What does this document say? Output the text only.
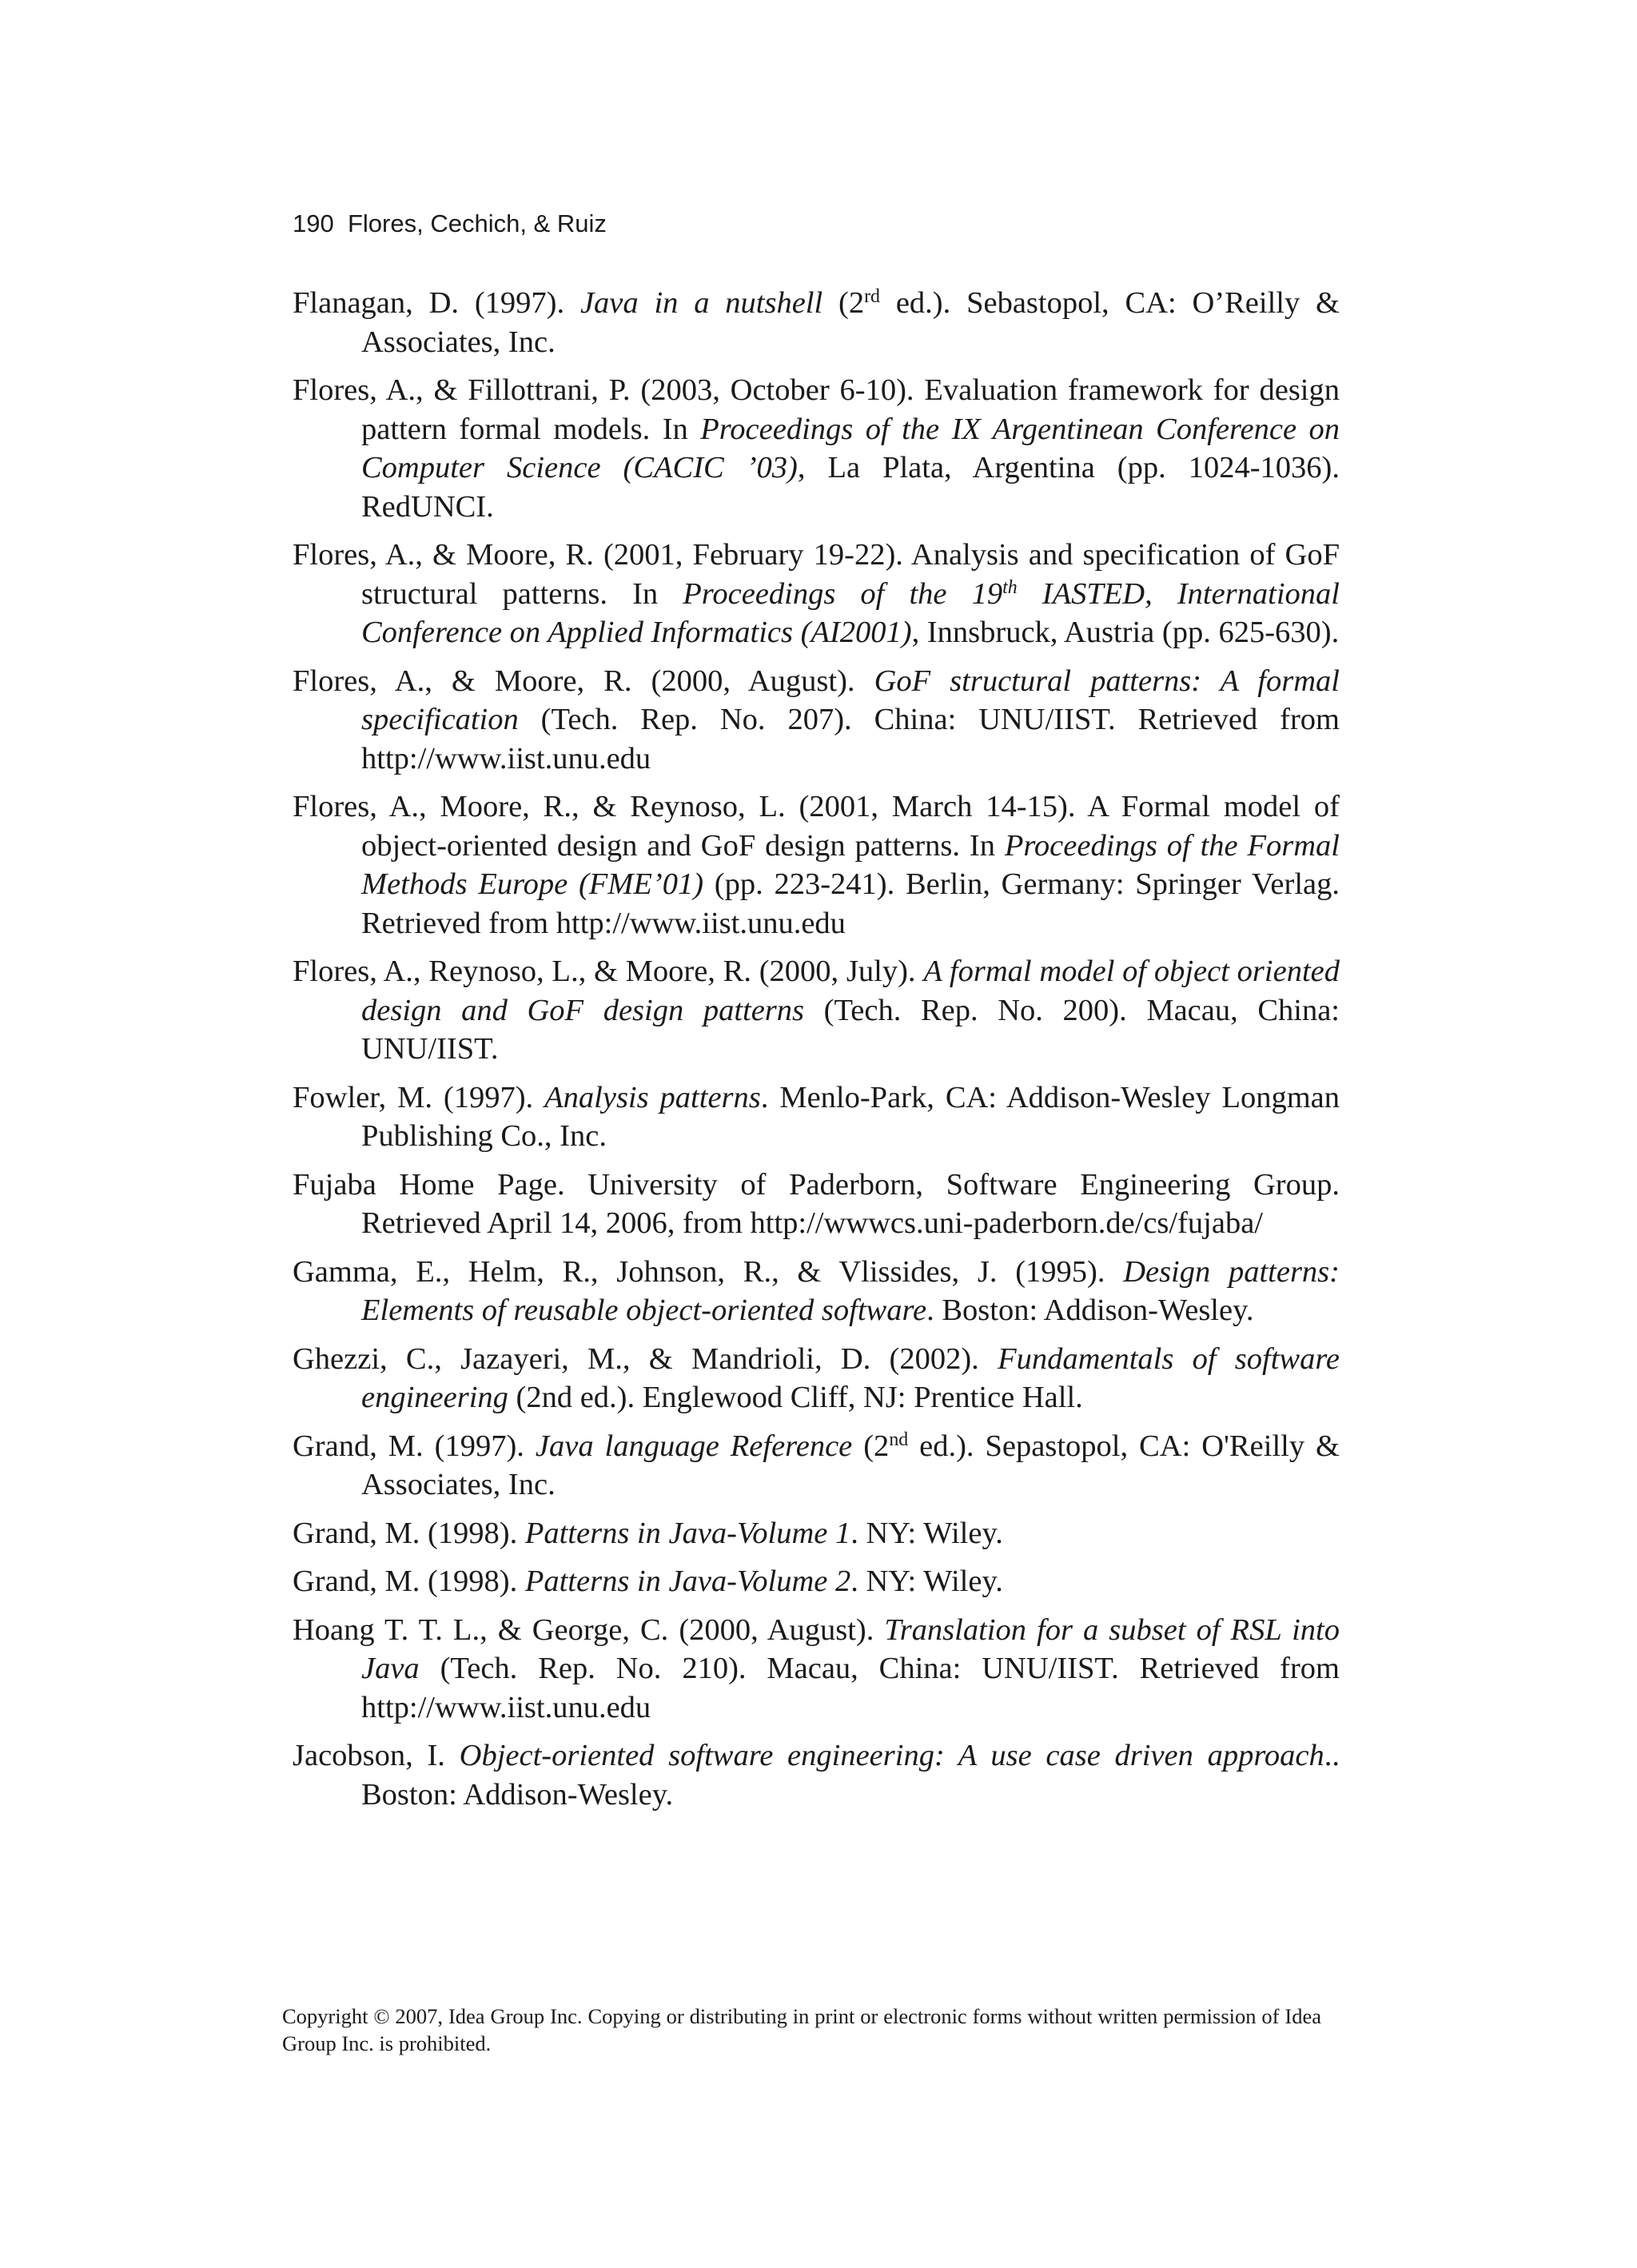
190 Flores, Cechich, & Ruiz
Flanagan, D. (1997). Java in a nutshell (2rd ed.). Sebastopol, CA: O’Reilly & Associates, Inc.
Flores, A., & Fillottrani, P. (2003, October 6-10). Evaluation framework for design pattern formal models. In Proceedings of the IX Argentinean Conference on Computer Science (CACIC ’03), La Plata, Argentina (pp. 1024-1036). RedUNCI.
Flores, A., & Moore, R. (2001, February 19-22). Analysis and specification of GoF structural patterns. In Proceedings of the 19th IASTED, International Conference on Applied Informatics (AI2001), Innsbruck, Austria (pp. 625-630).
Flores, A., & Moore, R. (2000, August). GoF structural patterns: A formal specification (Tech. Rep. No. 207). China: UNU/IIST. Retrieved from http://www.iist.unu.edu
Flores, A., Moore, R., & Reynoso, L. (2001, March 14-15). A Formal model of object-oriented design and GoF design patterns. In Proceedings of the Formal Methods Europe (FME’01) (pp. 223-241). Berlin, Germany: Springer Verlag. Retrieved from http://www.iist.unu.edu
Flores, A., Reynoso, L., & Moore, R. (2000, July). A formal model of object oriented design and GoF design patterns (Tech. Rep. No. 200). Macau, China: UNU/IIST.
Fowler, M. (1997). Analysis patterns. Menlo-Park, CA: Addison-Wesley Longman Publishing Co., Inc.
Fujaba Home Page. University of Paderborn, Software Engineering Group. Retrieved April 14, 2006, from http://wwwcs.uni-paderborn.de/cs/fujaba/
Gamma, E., Helm, R., Johnson, R., & Vlissides, J. (1995). Design patterns: Elements of reusable object-oriented software. Boston: Addison-Wesley.
Ghezzi, C., Jazayeri, M., & Mandrioli, D. (2002). Fundamentals of software engineering (2nd ed.). Englewood Cliff, NJ: Prentice Hall.
Grand, M. (1997). Java language Reference (2nd ed.). Sepastopol, CA: O'Reilly & Associates, Inc.
Grand, M. (1998). Patterns in Java-Volume 1. NY: Wiley.
Grand, M. (1998). Patterns in Java-Volume 2. NY: Wiley.
Hoang T. T. L., & George, C. (2000, August). Translation for a subset of RSL into Java (Tech. Rep. No. 210). Macau, China: UNU/IIST. Retrieved from http://www.iist.unu.edu
Jacobson, I. Object-oriented software engineering: A use case driven approach.. Boston: Addison-Wesley.

Copyright © 2007, Idea Group Inc. Copying or distributing in print or electronic forms without written permission of Idea Group Inc. is prohibited.
